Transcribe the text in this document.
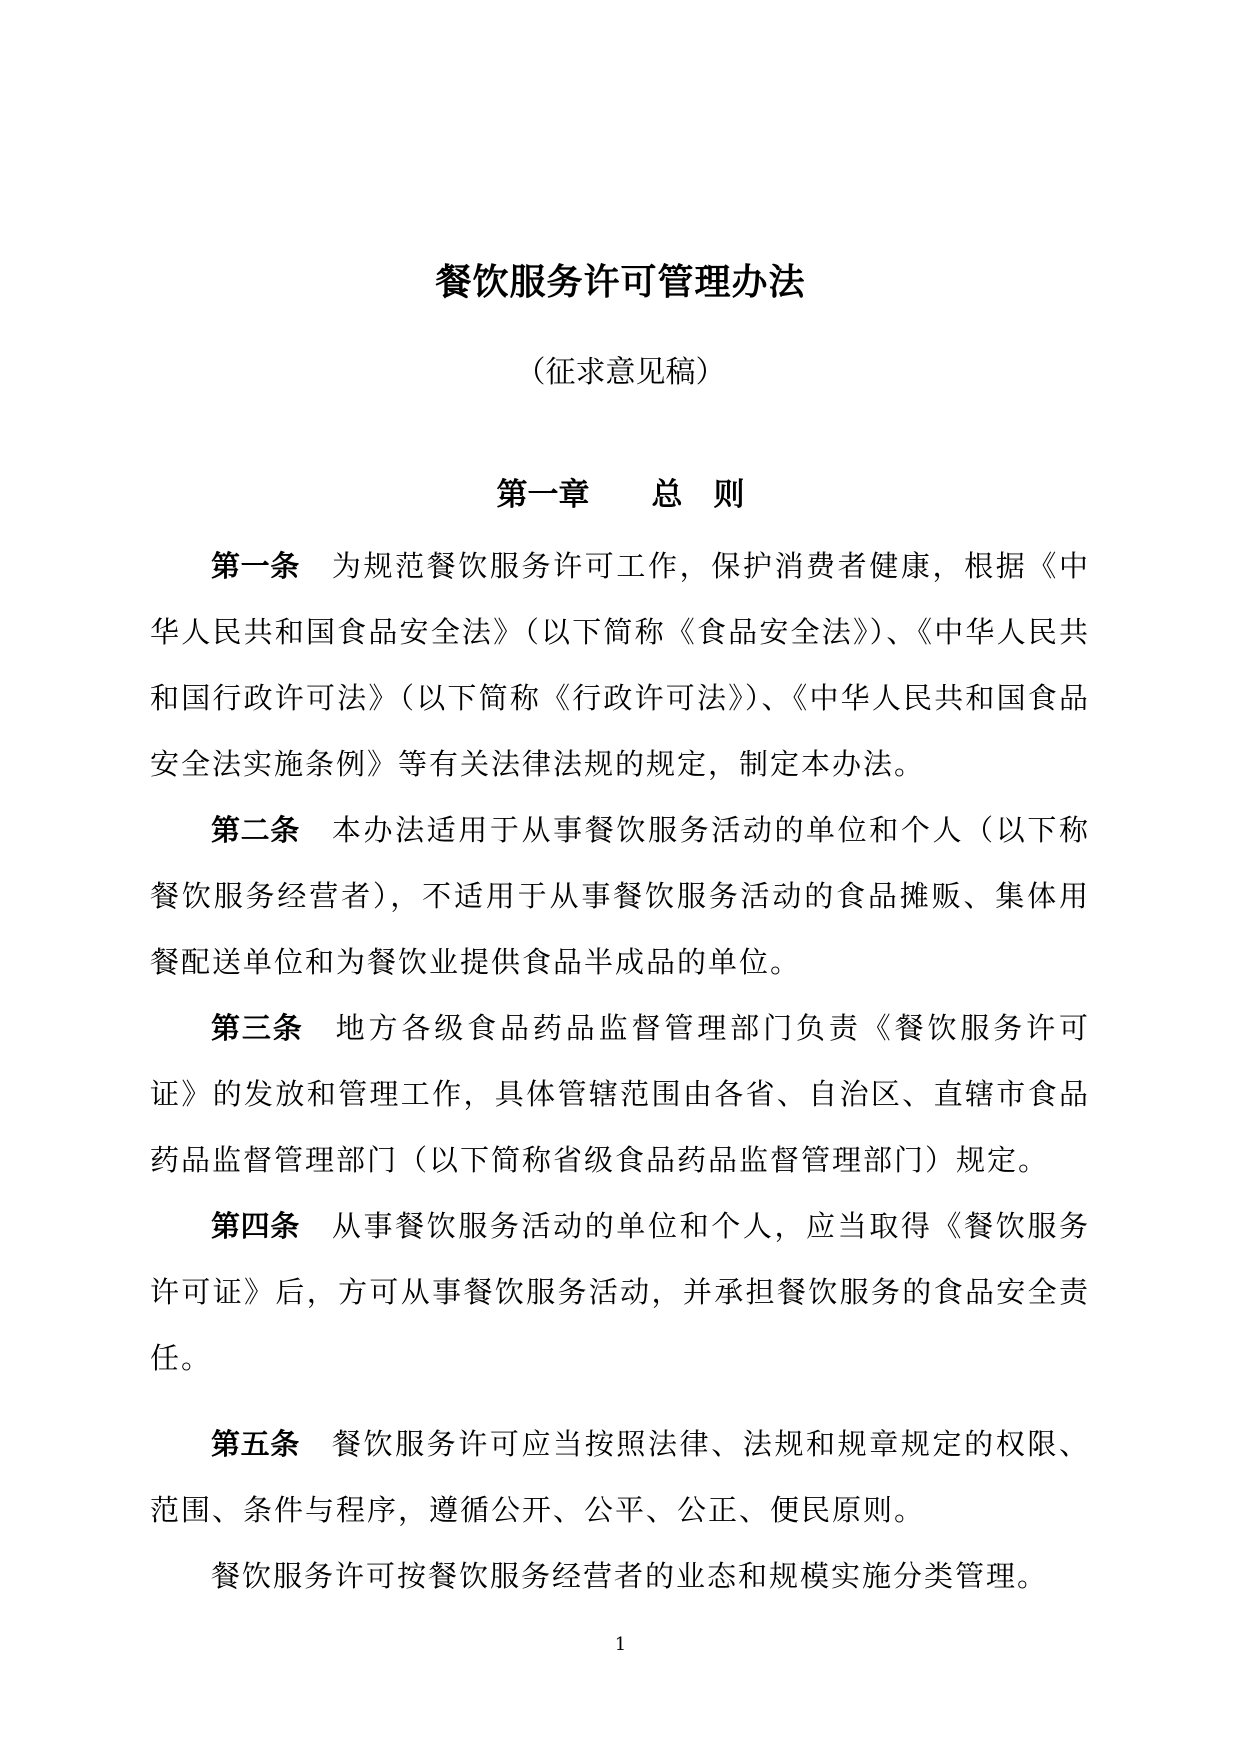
餐饮服务许可管理办法
（征求意见稿）
第一章　　总　则

第一条 为规范餐饮服务许可工作，保护消费者健康，根据《中华人民共和国食品安全法》（以下简称《食品安全法》）、《中华人民共和国行政许可法》（以下简称《行政许可法》）、《中华人民共和国食品安全法实施条例》等有关法律法规的规定，制定本办法。

第二条 本办法适用于从事餐饮服务活动的单位和个人（以下称餐饮服务经营者），不适用于从事餐饮服务活动的食品摊贩、集体用餐配送单位和为餐饮业提供食品半成品的单位。

第三条 地方各级食品药品监督管理部门负责《餐饮服务许可证》的发放和管理工作，具体管辖范围由各省、自治区、直辖市食品药品监督管理部门（以下简称省级食品药品监督管理部门）规定。

第四条 从事餐饮服务活动的单位和个人，应当取得《餐饮服务许可证》后，方可从事餐饮服务活动，并承担餐饮服务的食品安全责任。

第五条 餐饮服务许可应当按照法律、法规和规章规定的权限、范围、条件与程序，遵循公开、公平、公正、便民原则。

餐饮服务许可按餐饮服务经营者的业态和规模实施分类管理。

1
